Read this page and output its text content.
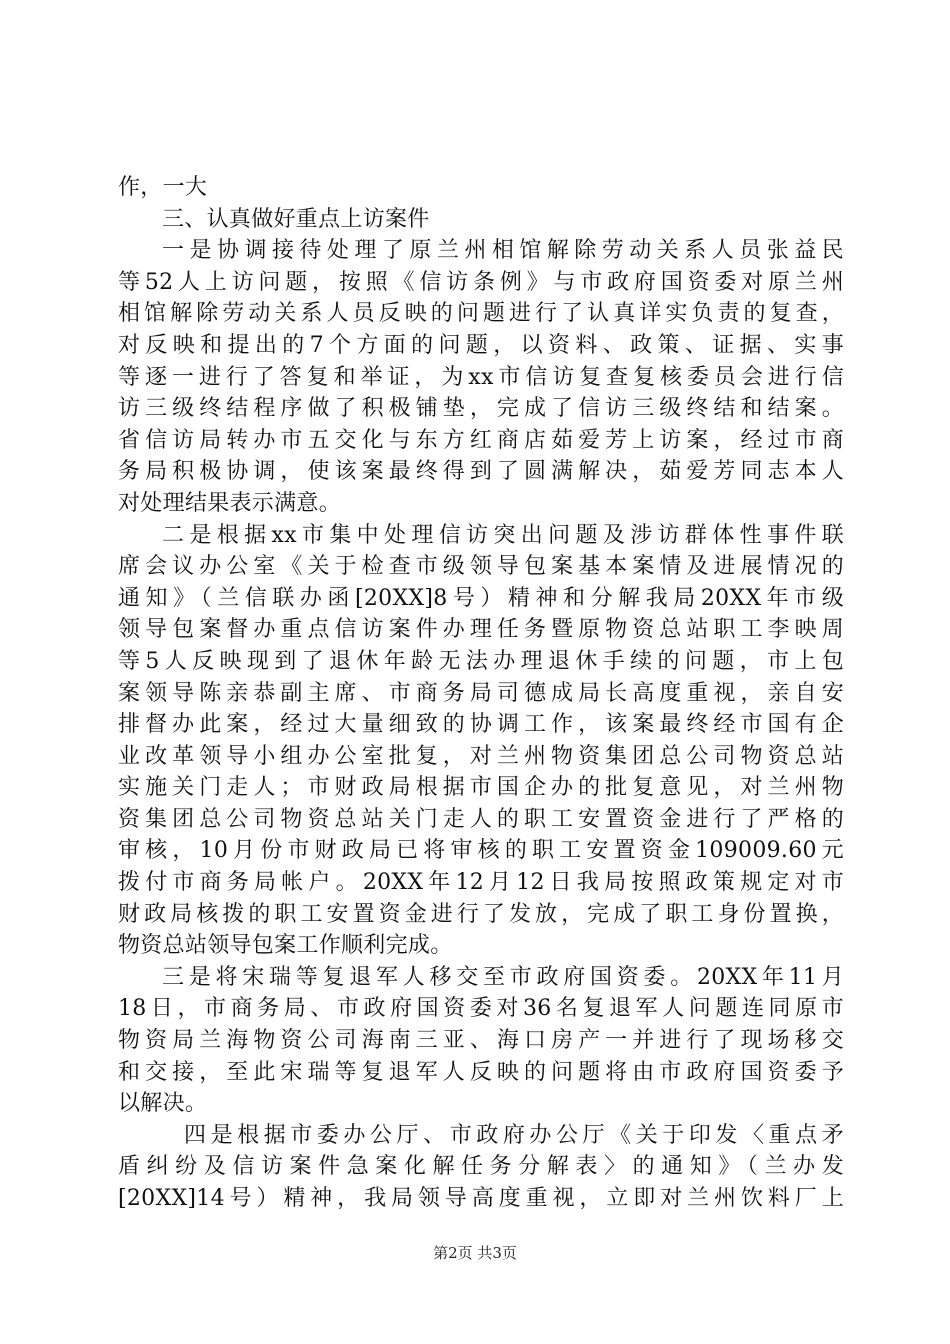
作，一大
三、认真做好重点上访案件
一是协调接待处理了原兰州相馆解除劳动关系人员张益民
等52人上访问题，按照《信访条例》与市政府国资委对原兰州
相馆解除劳动关系人员反映的问题进行了认真详实负责的复查，
对反映和提出的7个方面的问题，以资料、政策、证据、实事
等逐一进行了答复和举证，为xx市信访复查复核委员会进行信
访三级终结程序做了积极铺垫，完成了信访三级终结和结案。
省信访局转办市五交化与东方红商店茹爱芳上访案，经过市商
务局积极协调，使该案最终得到了圆满解决，茹爱芳同志本人
对处理结果表示满意。
二是根据xx市集中处理信访突出问题及涉访群体性事件联
席会议办公室《关于检查市级领导包案基本案情及进展情况的
通知》（兰信联办函[20XX]8号）精神和分解我局20XX年市级
领导包案督办重点信访案件办理任务暨原物资总站职工李映周
等5人反映现到了退休年龄无法办理退休手续的问题，市上包
案领导陈亲恭副主席、市商务局司德成局长高度重视，亲自安
排督办此案，经过大量细致的协调工作，该案最终经市国有企
业改革领导小组办公室批复，对兰州物资集团总公司物资总站
实施关门走人；市财政局根据市国企办的批复意见，对兰州物
资集团总公司物资总站关门走人的职工安置资金进行了严格的
审核，10月份市财政局已将审核的职工安置资金109009.60元
拨付市商务局帐户。20XX年12月12日我局按照政策规定对市
财政局核拨的职工安置资金进行了发放，完成了职工身份置换，
物资总站领导包案工作顺利完成。
三是将宋瑞等复退军人移交至市政府国资委。20XX年11月
18日，市商务局、市政府国资委对36名复退军人问题连同原市
物资局兰海物资公司海南三亚、海口房产一并进行了现场移交
和交接，至此宋瑞等复退军人反映的问题将由市政府国资委予
以解决。
四是根据市委办公厅、市政府办公厅《关于印发〈重点矛
盾纠纷及信访案件急案化解任务分解表〉的通知》（兰办发
[20XX]14号）精神，我局领导高度重视，立即对兰州饮料厂上
第2页 共3页
